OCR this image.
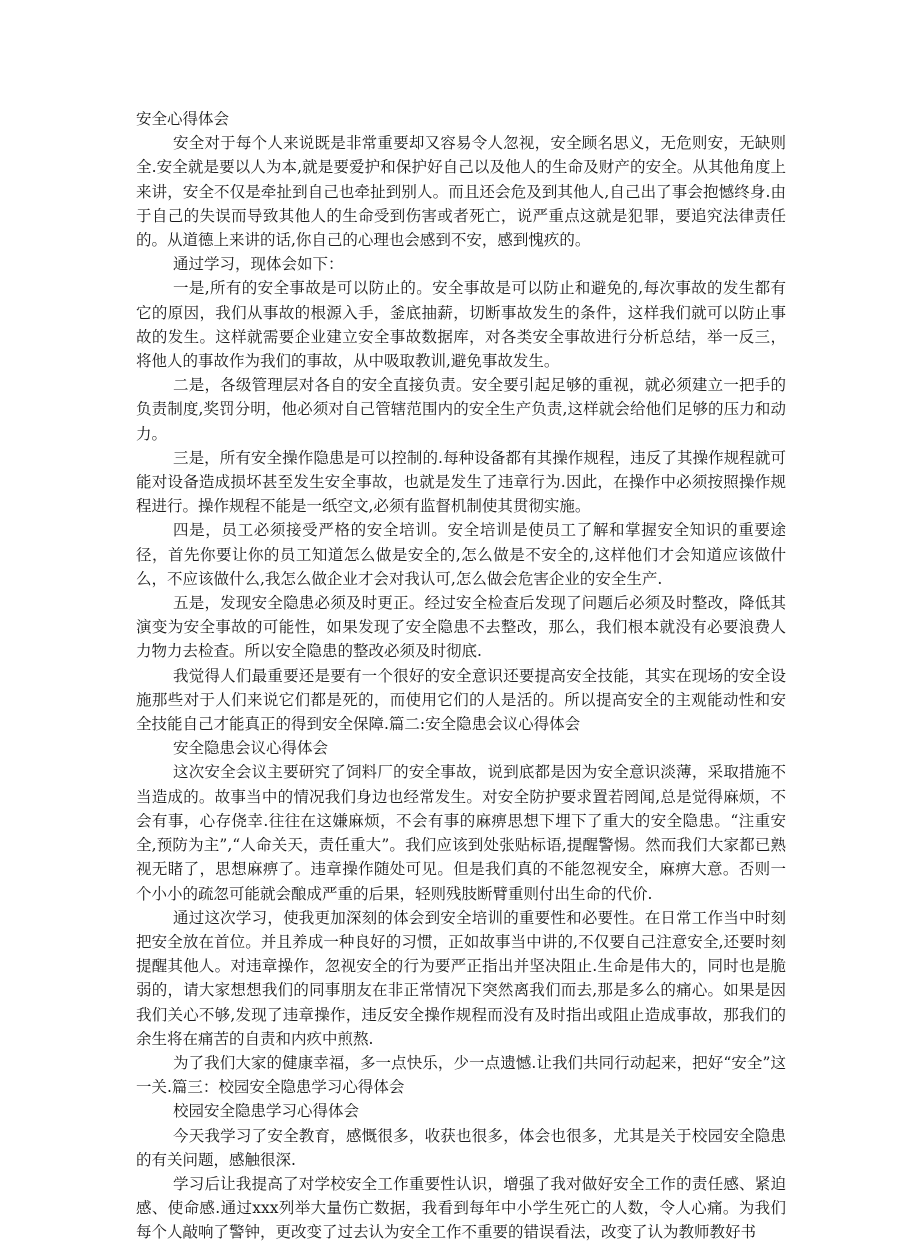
安全心得体会

安全对于每个人来说既是非常重要却又容易令人忽视，安全顾名思义，无危则安，无缺则全.安全就是要以人为本,就是要爱护和保护好自己以及他人的生命及财产的安全。从其他角度上来讲，安全不仅是牵扯到自己也牵扯到别人。而且还会危及到其他人,自己出了事会抱憾终身.由于自己的失误而导致其他人的生命受到伤害或者死亡，说严重点这就是犯罪，要追究法律责任的。从道德上来讲的话,你自己的心理也会感到不安，感到愧疚的。

通过学习，现体会如下：

一是,所有的安全事故是可以防止的。安全事故是可以防止和避免的,每次事故的发生都有它的原因，我们从事故的根源入手，釜底抽薪，切断事故发生的条件，这样我们就可以防止事故的发生。这样就需要企业建立安全事故数据库，对各类安全事故进行分析总结，举一反三，将他人的事故作为我们的事故，从中吸取教训,避免事故发生。

二是，各级管理层对各自的安全直接负责。安全要引起足够的重视，就必须建立一把手的负责制度,奖罚分明，他必须对自己管辖范围内的安全生产负责,这样就会给他们足够的压力和动力。

三是，所有安全操作隐患是可以控制的.每种设备都有其操作规程，违反了其操作规程就可能对设备造成损坏甚至发生安全事故，也就是发生了违章行为.因此，在操作中必须按照操作规程进行。操作规程不能是一纸空文,必须有监督机制使其贯彻实施。

四是，员工必须接受严格的安全培训。安全培训是使员工了解和掌握安全知识的重要途径，首先你要让你的员工知道怎么做是安全的,怎么做是不安全的,这样他们才会知道应该做什么，不应该做什么,我怎么做企业才会对我认可,怎么做会危害企业的安全生产.

五是，发现安全隐患必须及时更正。经过安全检查后发现了问题后必须及时整改，降低其演变为安全事故的可能性，如果发现了安全隐患不去整改，那么，我们根本就没有必要浪费人力物力去检查。所以安全隐患的整改必须及时彻底.

我觉得人们最重要还是要有一个很好的安全意识还要提高安全技能，其实在现场的安全设施那些对于人们来说它们都是死的，而使用它们的人是活的。所以提高安全的主观能动性和安全技能自己才能真正的得到安全保障.篇二:安全隐患会议心得体会

安全隐患会议心得体会

这次安全会议主要研究了饲料厂的安全事故，说到底都是因为安全意识淡薄，采取措施不当造成的。故事当中的情况我们身边也经常发生。对安全防护要求置若罔闻,总是觉得麻烦，不会有事，心存侥幸.往往在这嫌麻烦，不会有事的麻痹思想下埋下了重大的安全隐患。“注重安全,预防为主”,“人命关天，责任重大”。我们应该到处张贴标语,提醒警惕。然而我们大家都已熟视无睹了，思想麻痹了。违章操作随处可见。但是我们真的不能忽视安全，麻痹大意。否则一个小小的疏忽可能就会酿成严重的后果，轻则残肢断臂重则付出生命的代价.

通过这次学习，使我更加深刻的体会到安全培训的重要性和必要性。在日常工作当中时刻把安全放在首位。并且养成一种良好的习惯，正如故事当中讲的,不仅要自己注意安全,还要时刻提醒其他人。对违章操作，忽视安全的行为要严正指出并坚决阻止.生命是伟大的，同时也是脆弱的，请大家想想我们的同事朋友在非正常情况下突然离我们而去,那是多么的痛心。如果是因我们关心不够,发现了违章操作，违反安全操作规程而没有及时指出或阻止造成事故，那我们的余生将在痛苦的自责和内疚中煎熬.

为了我们大家的健康幸福，多一点快乐，少一点遗憾.让我们共同行动起来，把好“安全”这一关.篇三：校园安全隐患学习心得体会

校园安全隐患学习心得体会

今天我学习了安全教育，感慨很多，收获也很多，体会也很多，尤其是关于校园安全隐患的有关问题，感触很深.

学习后让我提高了对学校安全工作重要性认识，增强了我对做好安全工作的责任感、紧迫感、使命感.通过xxx列举大量伤亡数据，我看到每年中小学生死亡的人数，令人心痛。为我们每个人敲响了警钟，更改变了过去认为安全工作不重要的错误看法，改变了认为教师教好书
